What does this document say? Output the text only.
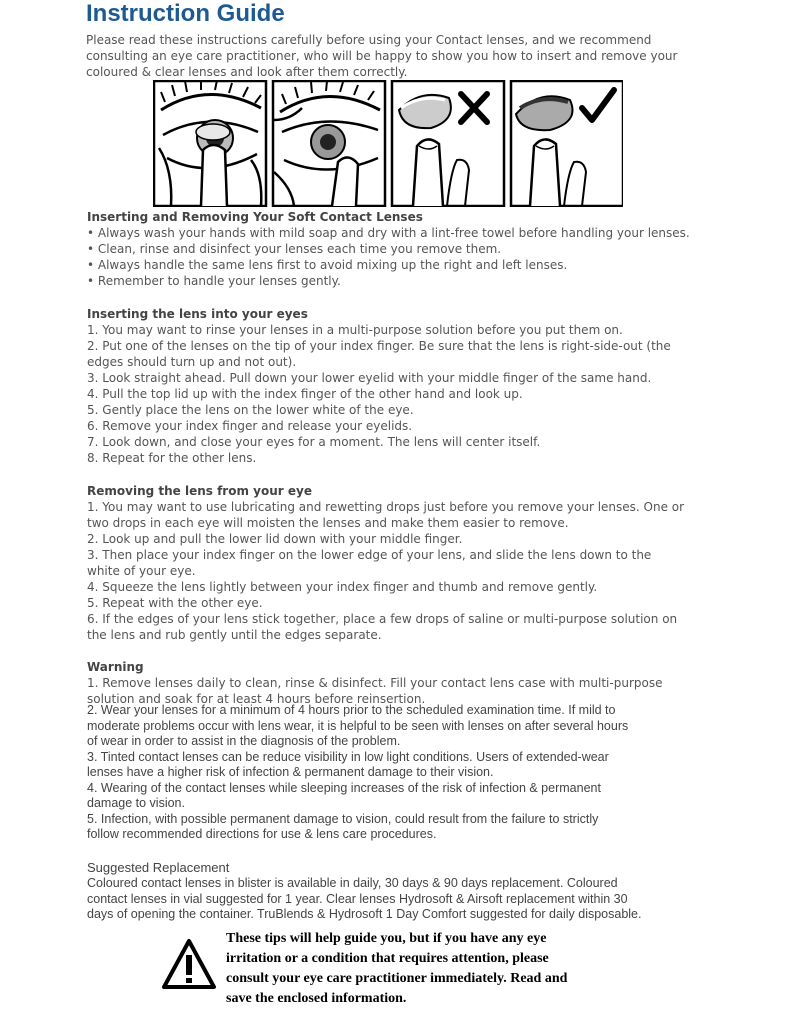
Instruction Guide
Please read these instructions carefully before using your Contact lenses, and we recommend consulting an eye care practitioner, who will be happy to show you how to insert and remove your coloured & clear lenses and look after them correctly.
Inserting and Removing Your Soft Contact Lenses
• Always wash your hands with mild soap and dry with a lint-free towel before handling your lenses.
• Clean, rinse and disinfect your lenses each time you remove them.
• Always handle the same lens first to avoid mixing up the right and left lenses.
• Remember to handle your lenses gently.
Inserting the lens into your eyes
1. You may want to rinse your lenses in a multi-purpose solution before you put them on.
2. Put one of the lenses on the tip of your index finger. Be sure that the lens is right-side-out (the
edges should turn up and not out).
3. Look straight ahead. Pull down your lower eyelid with your middle finger of the same hand.
4. Pull the top lid up with the index finger of the other hand and look up.
5. Gently place the lens on the lower white of the eye.
6. Remove your index finger and release your eyelids.
7. Look down, and close your eyes for a moment. The lens will center itself.
8. Repeat for the other lens.
Removing the lens from your eye
1. You may want to use lubricating and rewetting drops just before you remove your lenses. One or
two drops in each eye will moisten the lenses and make them easier to remove.
2. Look up and pull the lower lid down with your middle finger.
3. Then place your index finger on the lower edge of your lens, and slide the lens down to the
white of your eye.
4. Squeeze the lens lightly between your index finger and thumb and remove gently.
5. Repeat with the other eye.
6. If the edges of your lens stick together, place a few drops of saline or multi-purpose solution on
the lens and rub gently until the edges separate.
Warning
1. Remove lenses daily to clean, rinse & disinfect. Fill your contact lens case with multi-purpose
solution and soak for at least 4 hours before reinsertion.
2. Wear your lenses for a minimum of 4 hours prior to the scheduled examination time. If mild to
moderate problems occur with lens wear, it is helpful to be seen with lenses on after several hours
of wear in order to assist in the diagnosis of the problem.
3. Tinted contact lenses can be reduce visibility in low light conditions. Users of extended-wear
lenses have a higher risk of infection & permanent damage to their vision.
4. Wearing of the contact lenses while sleeping increases of the risk of infection & permanent
damage to vision.
5. Infection, with possible permanent damage to vision, could result from the failure to strictly
follow recommended directions for use & lens care procedures.
Suggested Replacement
Coloured contact lenses in blister is available in daily, 30 days & 90 days replacement. Coloured
contact lenses in vial suggested for 1 year. Clear lenses Hydrosoft & Airsoft replacement within 30
days of opening the container. TruBlends & Hydrosoft 1 Day Comfort suggested for daily disposable.
These tips will help guide you, but if you have any eye
irritation or a condition that requires attention, please
consult your eye care practitioner immediately. Read and
save the enclosed information.
